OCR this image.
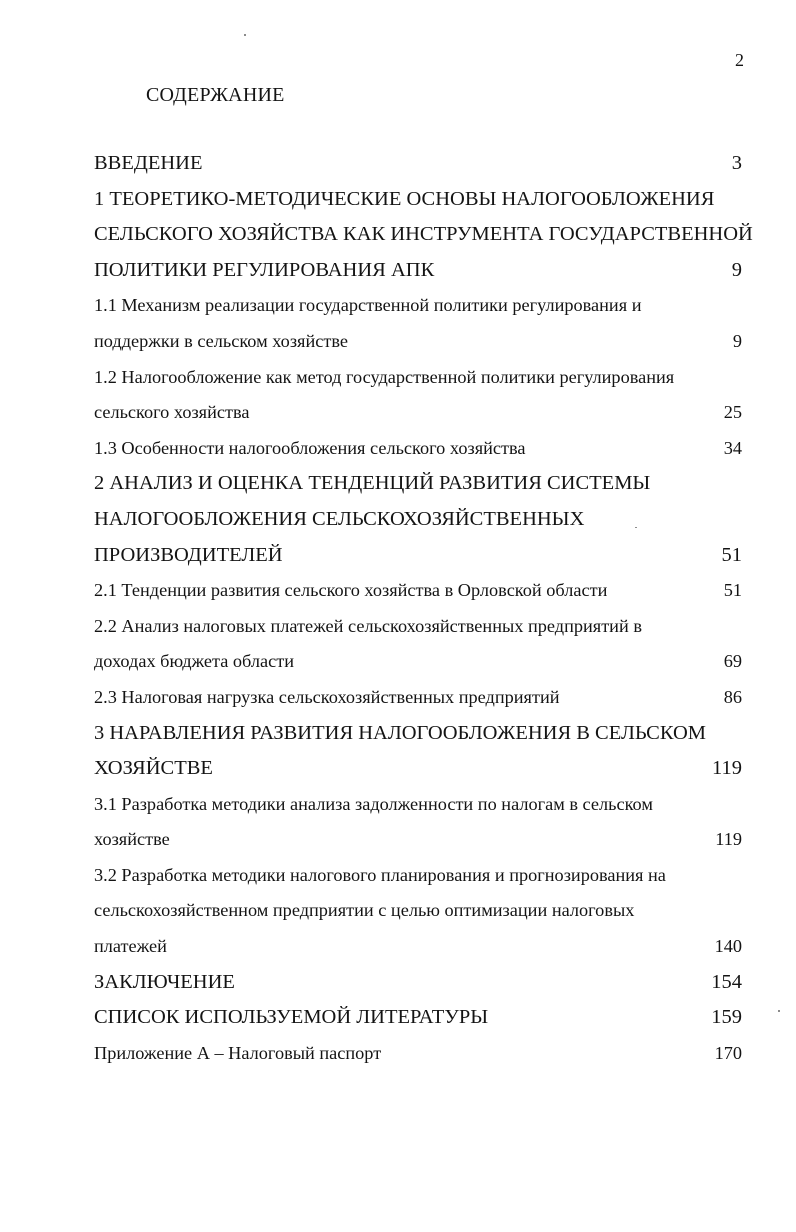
2
СОДЕРЖАНИЕ
ВВЕДЕНИЕ	3
1 ТЕОРЕТИКО-МЕТОДИЧЕСКИЕ ОСНОВЫ НАЛОГООБЛОЖЕНИЯ
СЕЛЬСКОГО ХОЗЯЙСТВА КАК ИНСТРУМЕНТА ГОСУДАРСТВЕННОЙ
ПОЛИТИКИ РЕГУЛИРОВАНИЯ АПК	9
1.1 Механизм реализации государственной политики регулирования и
поддержки в сельском хозяйстве	9
1.2 Налогообложение как метод государственной политики регулирования
сельского хозяйства	25
1.3 Особенности налогообложения сельского хозяйства	34
2 АНАЛИЗ И ОЦЕНКА ТЕНДЕНЦИЙ РАЗВИТИЯ СИСТЕМЫ
НАЛОГООБЛОЖЕНИЯ СЕЛЬСКОХОЗЯЙСТВЕННЫХ
ПРОИЗВОДИТЕЛЕЙ	51
2.1 Тенденции развития сельского хозяйства в Орловской области	51
2.2 Анализ налоговых платежей сельскохозяйственных предприятий в
доходах бюджета области	69
2.3 Налоговая нагрузка сельскохозяйственных предприятий	86
3 НАРАВЛЕНИЯ РАЗВИТИЯ НАЛОГООБЛОЖЕНИЯ В СЕЛЬСКОМ
ХОЗЯЙСТВЕ	119
3.1 Разработка методики анализа задолженности по налогам в сельском
хозяйстве	119
3.2 Разработка методики налогового планирования и прогнозирования на
сельскохозяйственном предприятии с целью оптимизации налоговых
платежей	140
ЗАКЛЮЧЕНИЕ	154
СПИСОК ИСПОЛЬЗУЕМОЙ ЛИТЕРАТУРЫ	159
Приложение А – Налоговый паспорт	170
